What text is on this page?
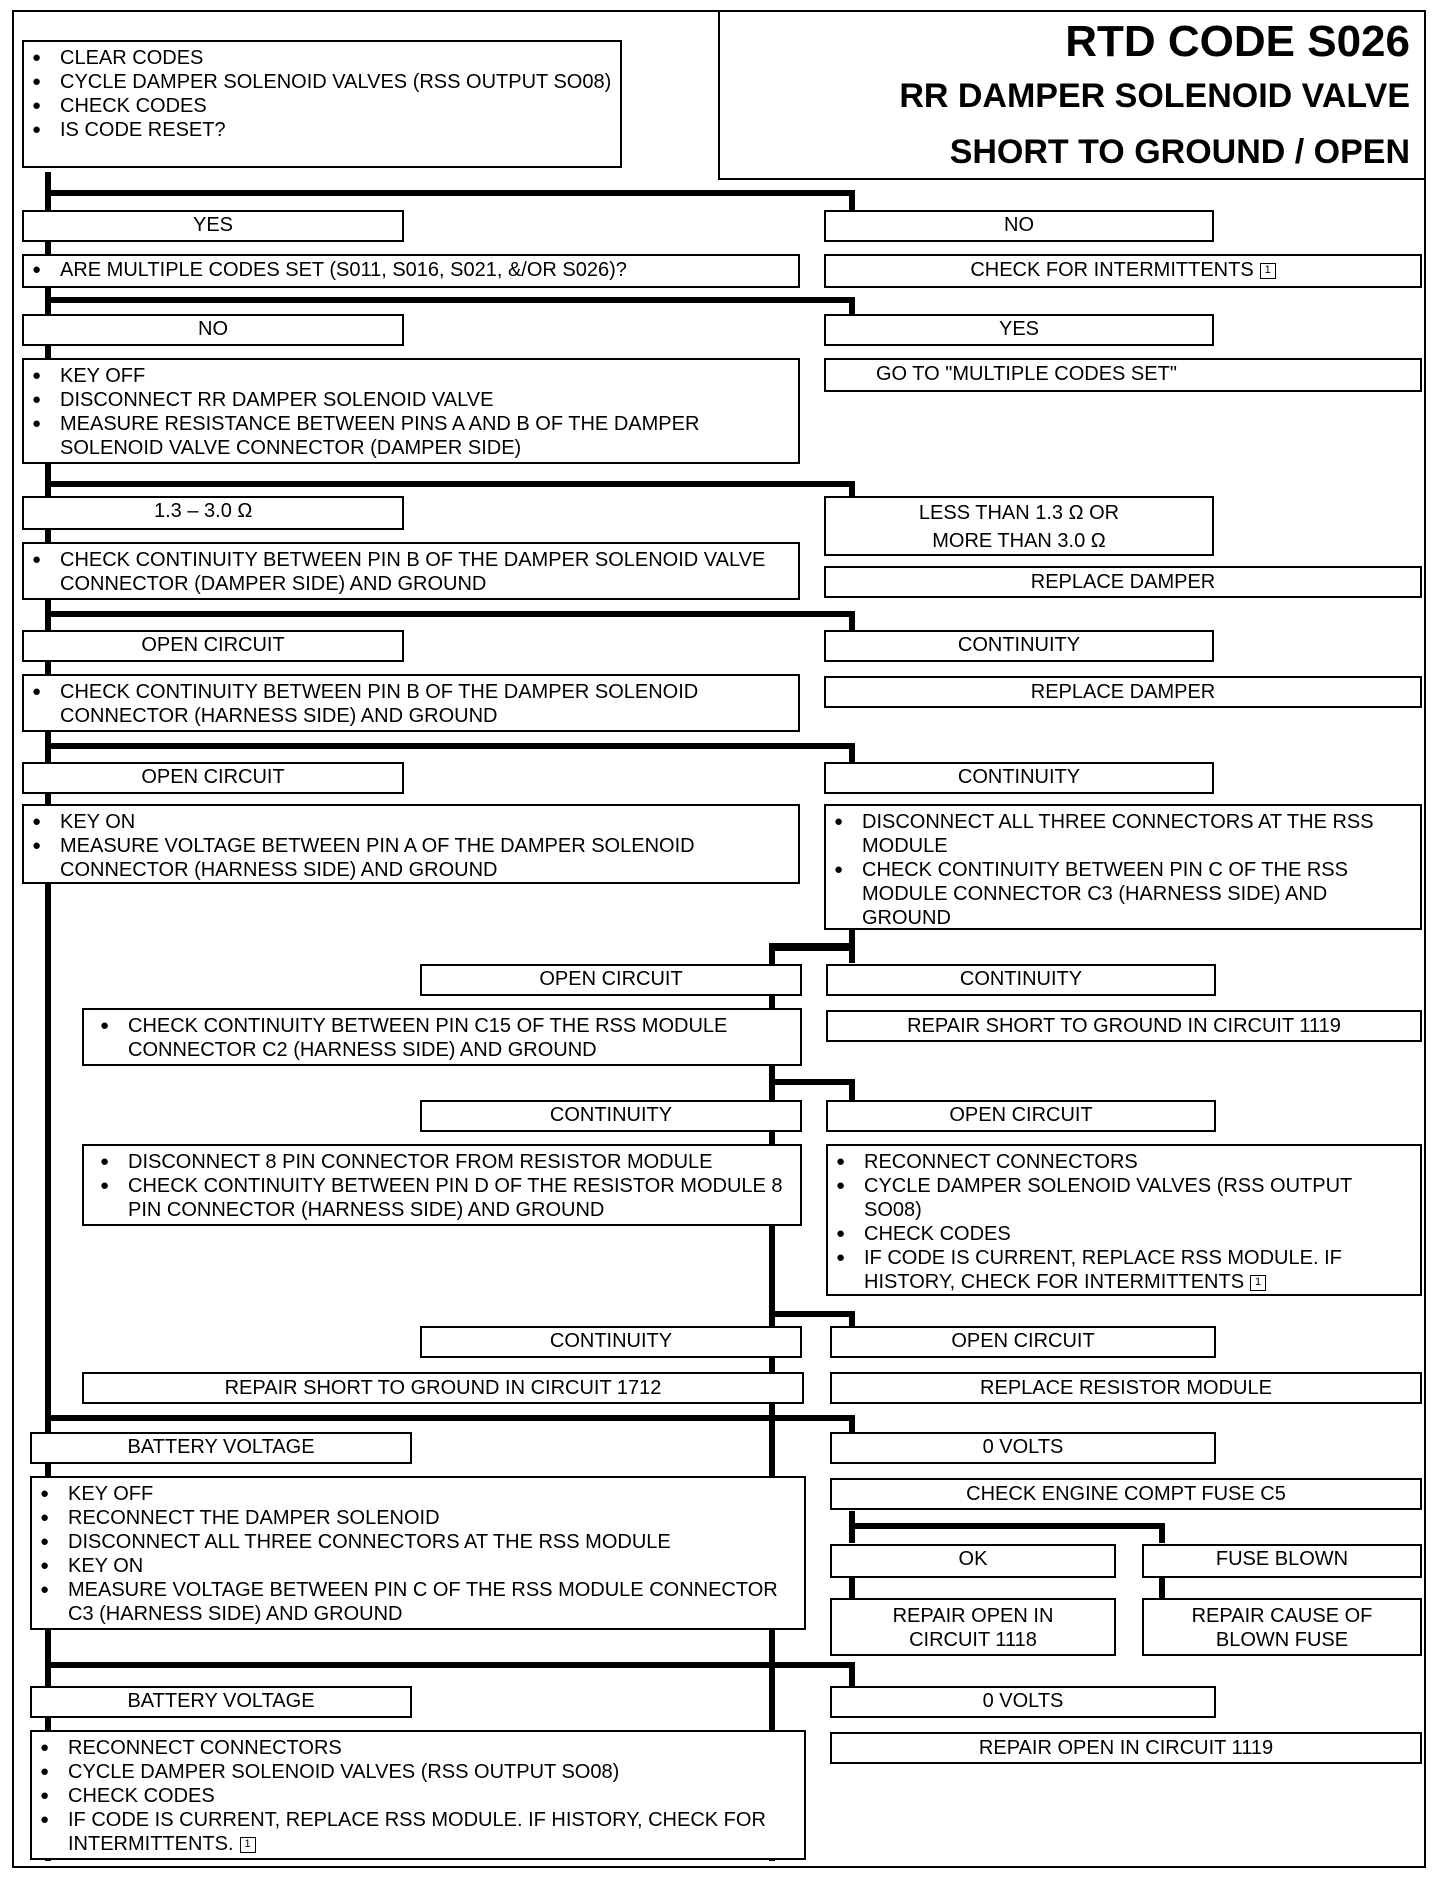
RTD CODE S026
RR DAMPER SOLENOID VALVE
SHORT TO GROUND / OPEN
● CLEAR CODES
● CYCLE DAMPER SOLENOID VALVES (RSS OUTPUT SO08)
● CHECK CODES
● IS CODE RESET?
YES	NO
● ARE MULTIPLE CODES SET (S011, S016, S021, &/OR S026)?	CHECK FOR INTERMITTENTS 1
NO	YES
● KEY OFF
● DISCONNECT RR DAMPER SOLENOID VALVE
● MEASURE RESISTANCE BETWEEN PINS A AND B OF THE DAMPER SOLENOID VALVE CONNECTOR (DAMPER SIDE)
GO TO "MULTIPLE CODES SET"
1.3 – 3.0 Ω	LESS THAN 1.3 Ω OR
MORE THAN 3.0 Ω
● CHECK CONTINUITY BETWEEN PIN B OF THE DAMPER SOLENOID VALVE CONNECTOR (DAMPER SIDE) AND GROUND	REPLACE DAMPER
OPEN CIRCUIT	CONTINUITY
● CHECK CONTINUITY BETWEEN PIN B OF THE DAMPER SOLENOID CONNECTOR (HARNESS SIDE) AND GROUND
REPLACE DAMPER
OPEN CIRCUIT	CONTINUITY
● KEY ON
● MEASURE VOLTAGE BETWEEN PIN A OF THE DAMPER SOLENOID CONNECTOR (HARNESS SIDE) AND GROUND
● DISCONNECT ALL THREE CONNECTORS AT THE RSS MODULE
● CHECK CONTINUITY BETWEEN PIN C OF THE RSS MODULE CONNECTOR C3 (HARNESS SIDE) AND GROUND
OPEN CIRCUIT	CONTINUITY
● CHECK CONTINUITY BETWEEN PIN C15 OF THE RSS MODULE CONNECTOR C2 (HARNESS SIDE) AND GROUND
REPAIR SHORT TO GROUND IN CIRCUIT 1119
CONTINUITY	OPEN CIRCUIT
● DISCONNECT 8 PIN CONNECTOR FROM RESISTOR MODULE
● CHECK CONTINUITY BETWEEN PIN D OF THE RESISTOR MODULE 8 PIN CONNECTOR (HARNESS SIDE) AND GROUND
● RECONNECT CONNECTORS
● CYCLE DAMPER SOLENOID VALVES (RSS OUTPUT SO08)
● CHECK CODES
● IF CODE IS CURRENT, REPLACE RSS MODULE. IF HISTORY, CHECK FOR INTERMITTENTS 1
CONTINUITY	OPEN CIRCUIT
REPAIR SHORT TO GROUND IN CIRCUIT 1712	REPLACE RESISTOR MODULE
BATTERY VOLTAGE	0 VOLTS
● KEY OFF
● RECONNECT THE DAMPER SOLENOID
● DISCONNECT ALL THREE CONNECTORS AT THE RSS MODULE
● KEY ON
● MEASURE VOLTAGE BETWEEN PIN C OF THE RSS MODULE CONNECTOR C3 (HARNESS SIDE) AND GROUND
CHECK ENGINE COMPT FUSE C5
OK	FUSE BLOWN
REPAIR OPEN IN
CIRCUIT 1118
REPAIR CAUSE OF
BLOWN FUSE
BATTERY VOLTAGE	0 VOLTS
● RECONNECT CONNECTORS
● CYCLE DAMPER SOLENOID VALVES (RSS OUTPUT SO08)
● CHECK CODES
● IF CODE IS CURRENT, REPLACE RSS MODULE. IF HISTORY, CHECK FOR INTERMITTENTS. 1
REPAIR OPEN IN CIRCUIT 1119
